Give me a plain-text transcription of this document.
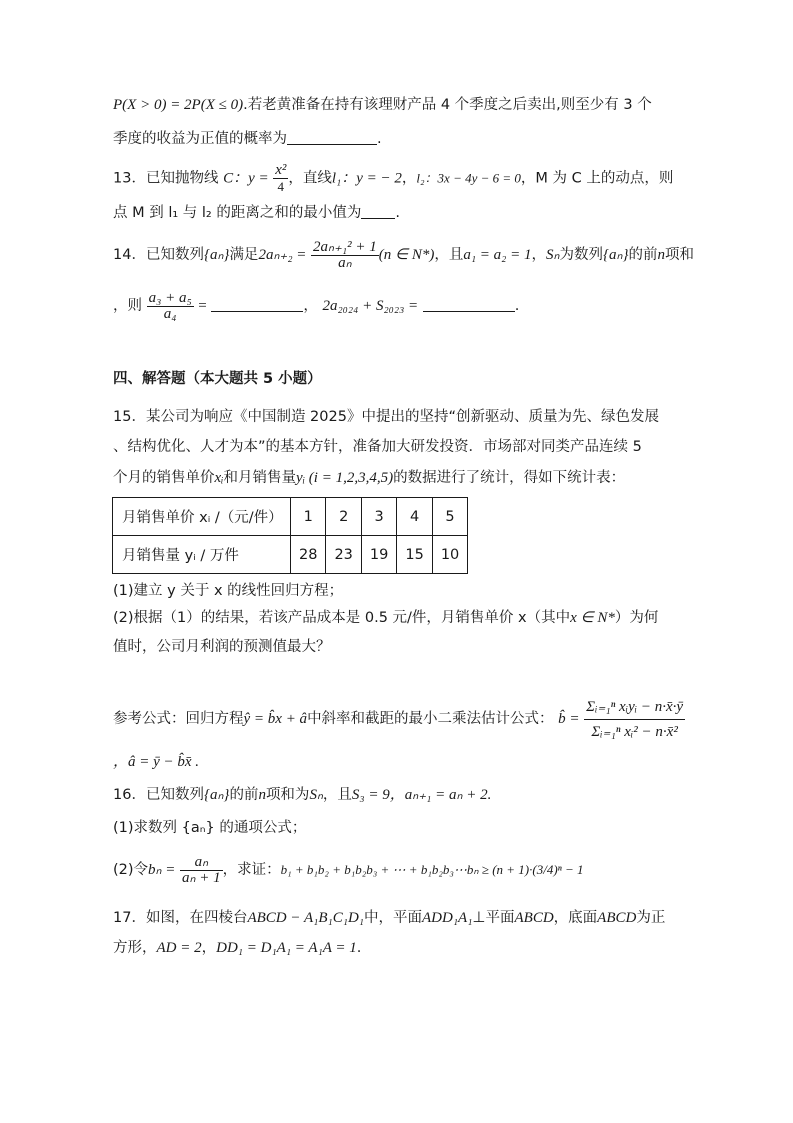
P(X > 0) = 2P(X ≤ 0).若老黄准备在持有该理财产品 4 个季度之后卖出,则至少有 3 个
季度的收益为正值的概率为	.
13．已知抛物线 C：$y = \frac{\text{x²}}{4}$ ，直线l₁：y = − 2，l₂：3x − 4y − 6 = 0，M 为 C 上的动点，则
点 M 到 l₁ 与 l₂ 的距离之和的最小值为 .
14．已知数列{aₙ}满足$2a_{n+2} = \frac{\text{2aₙ₊₁² + 1}}{\text{aₙ}} (n$ ∈ N*)，且a₁ = a₂ = 1，Sₙ为数列{aₙ}的前n项和
，则 $\frac{\text{a₃ + a₅}}{\text{a₄}}$ =	， 2a₂₀₂₄ + S₂₀₂₃ =	.
四、解答题（本大题共 5 小题）
15．某公司为响应《中国制造 2025》中提出的坚持“创新驱动、质量为先、绿色发展
、结构优化、人才为本”的基本方针，准备加大研发投资．市场部对同类产品连续 5
个月的销售单价xᵢ和月销售量yᵢ (i = 1,2,3,4,5)的数据进行了统计，得如下统计表：
月销售单价 xᵢ /（元/件）	1	2	3	4	5
月销售量 yᵢ / 万件	28	23	19	15	10
(1)建立 y 关于 x 的线性回归方程；
(2)根据（1）的结果，若该产品成本是 0.5 元/件，月销售单价 x（其中x ∈ N*）为何
值时，公司月利润的预测值最大？
参考公式：回归方程ŷ = b̂x + â中斜率和截距的最小二乘法估计公式： b̂ = $\frac{\text{Σᵢ₌₁ⁿ xᵢyᵢ − n·x̄·ȳ}}{\text{Σᵢ₌₁ⁿ xᵢ² − n·x̄²}}$
，â = ȳ − b̂x̄ .
16．已知数列{aₙ}的前n项和为Sₙ，且S₃ = 9，aₙ₊₁ = aₙ + 2.
(1)求数列 {aₙ} 的通项公式；
(2)令$b_n = \frac{\text{aₙ}}{\text{aₙ + 1}}$ ，求证：b₁ + b₁b₂ + b₁b₂b₃ + ⋯ + b₁b₂b₃⋯bₙ ≥ (n + 1)·(3/4)ⁿ − 1
17．如图，在四棱台ABCD − A₁B₁C₁D₁中，平面ADD₁A₁⊥平面ABCD，底面ABCD为正
方形，AD = 2，DD₁ = D₁A₁ = A₁A = 1.
